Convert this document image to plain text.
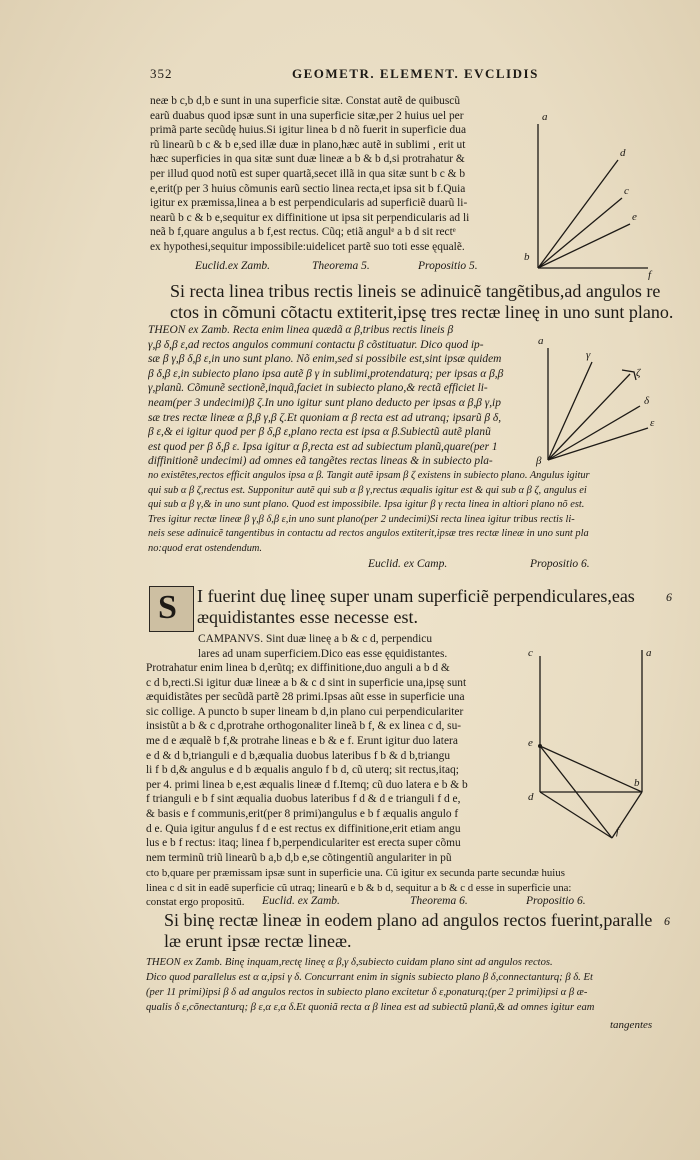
352	GEOMETR. ELEMENT. EVCLIDIS
neæ b c,b d,b e sunt in una superficie sitæ. Constat autẽ de quibuscũ
earũ duabus quod ipsæ sunt in una superficie sitæ,per 2 huius uel per
primã parte secũdę huius.Si igitur linea b d nõ fuerit in superficie dua
rũ linearũ b c & b e,sed illæ duæ in plano,hæc autẽ in sublimi , erit ut
hæc superficies in qua sitæ sunt duæ lineæ a b & b d,si protrahatur &
per illud quod notũ est super quartã,secet illã in qua sitæ sunt b c & b
e,erit(p per 3 huius cõmunis earũ sectio linea recta,et ipsa sit b f.Quia
igitur ex præmissa,linea a b est perpendicularis ad superficiẽ duarũ li-
nearũ b c & b e,sequitur ex diffinitione ut ipsa sit perpendicularis ad li
neã b f,quare angulus a b f,est rectus. Cũq; etiã angulᵉ a b d sit rectᵉ
ex hypothesi,sequitur impossibile:uidelicet partẽ suo toti esse ęqualẽ.
Euclid.ex Zamb.	Theorema 5.	Propositio 5.
a
d
c
e
b
f
Si recta linea tribus rectis lineis se adinuicẽ tangẽtibus,ad angulos re
ctos in cõmuni cõtactu extiterit,ipsę tres rectæ lineę in uno sunt plano.
THEON ex Zamb. Recta enim linea quædã α β,tribus rectis lineis β
γ,β δ,β ε,ad rectos angulos communi contactu β cõstituatur. Dico quod ip-
sæ β γ,β δ,β ε,in uno sunt plano. Nõ enim,sed si possibile est,sint ipsæ quidem
β δ,β ε,in subiecto plano ipsa autẽ β γ in sublimi,protendaturq; per ipsas α β,β
γ,planũ. Cõmunẽ sectionẽ,inquã,faciet in subiecto plano,& rectã efficiet li-
neam(per 3 undecimi)β ζ.In uno igitur sunt plano deducto per ipsas α β,β γ,ip
sæ tres rectæ lineæ α β,β γ,β ζ.Et quoniam α β recta est ad utranq; ipsarũ β δ,
β ε,& ei igitur quod per β δ,β ε,plano recta est ipsa α β.Subiectũ autẽ planũ
est quod per β δ,β ε. Ipsa igitur α β,recta est ad subiectum planũ,quare(per 1
diffinitionẽ undecimi) ad omnes eã tangẽtes rectas lineas & in subiecto pla-
no existẽtes,rectos efficit angulos ipsa α β. Tangit autẽ ipsam β ζ existens in subiecto plano. Angulus igitur
qui sub α β ζ,rectus est. Supponitur autẽ qui sub α β γ,rectus æqualis igitur est & qui sub α β ζ, angulus ei
qui sub α β γ,& in uno sunt plano. Quod est impossibile. Ipsa igitur β γ recta linea in altiori plano nõ est.
Tres igitur rectæ lineæ β γ,β δ,β ε,in uno sunt plano(per 2 undecimi)Si recta linea igitur tribus rectis li-
neis sese adinuicẽ tangentibus in contactu ad rectos angulos extiterit,ipsæ tres rectæ lineæ in uno sunt pla
no:quod erat ostendendum.
Euclid. ex Camp.	Propositio 6.
a
γ
ζ
δ
ε
β
S I fuerint duę lineę super unam superficiẽ perpendiculares,eas
æquidistantes esse necesse est.
6
CAMPANVS. Sint duæ lineę a b & c d, perpendicu
lares ad unam superficiem.Dico eas esse ęquidistantes.
Protrahatur enim linea b d,erũtq; ex diffinitione,duo anguli a b d &
c d b,recti.Si igitur duæ lineæ a b & c d sint in superficie una,ipsę sunt
æquidistãtes per secũdã partẽ 28 primi.Ipsas aũt esse in superficie una
sic collige. A puncto b super lineam b d,in plano cui perpendiculariter
insistũt a b & c d,protrahe orthogonaliter lineã b f, & ex linea c d, su-
me d e æqualẽ b f,& protrahe lineas e b & e f. Erunt igitur duo latera
e d & d b,trianguli e d b,æqualia duobus lateribus f b & d b,triangu
li f b d,& angulus e d b æqualis angulo f b d, cũ uterq; sit rectus,itaq;
per 4. primi linea b e,est æqualis lineæ d f.Itemq; cũ duo latera e b & b
f trianguli e b f sint æqualia duobus lateribus f d & d e trianguli f d e,
& basis e f communis,erit(per 8 primi)angulus e b f æqualis angulo f
d e. Quia igitur angulus f d e est rectus ex diffinitione,erit etiam angu
lus e b f rectus: itaq; linea f b,perpendiculariter est erecta super cõmu
nem terminũ triũ linearũ b a,b d,b e,se cõtingentiũ angulariter in pũ
cto b,quare per præmissam ipsæ sunt in superficie una. Cũ igitur ex secunda parte secundæ huius
linea c d sit in eadẽ superficie cũ utraq; linearũ e b & b d, sequitur a b & c d esse in superficie una:
constat ergo propositũ.	Euclid. ex Zamb.	Theorema 6.	Propositio 6.
a
c
e
d
b
f
Si binę rectæ lineæ in eodem plano ad angulos rectos fuerint,paralle
læ erunt ipsæ rectæ lineæ.
6
THEON ex Zamb. Binę inquam,rectę lineę α β,γ δ,subiecto cuidam plano sint ad angulos rectos.
Dico quod parallelus est α α,ipsi γ δ. Concurrant enim in signis subiecto plano β δ,connectanturq; β δ. Et
(per 11 primi)ipsi β δ ad angulos rectos in subiecto plano excitetur δ ε,ponaturq;(per 2 primi)ipsi α β æ-
qualis δ ε,cõnectanturq; β ε,α ε,α δ.Et quoniã recta α β linea est ad subiectũ planũ,& ad omnes igitur eam
tangentes
